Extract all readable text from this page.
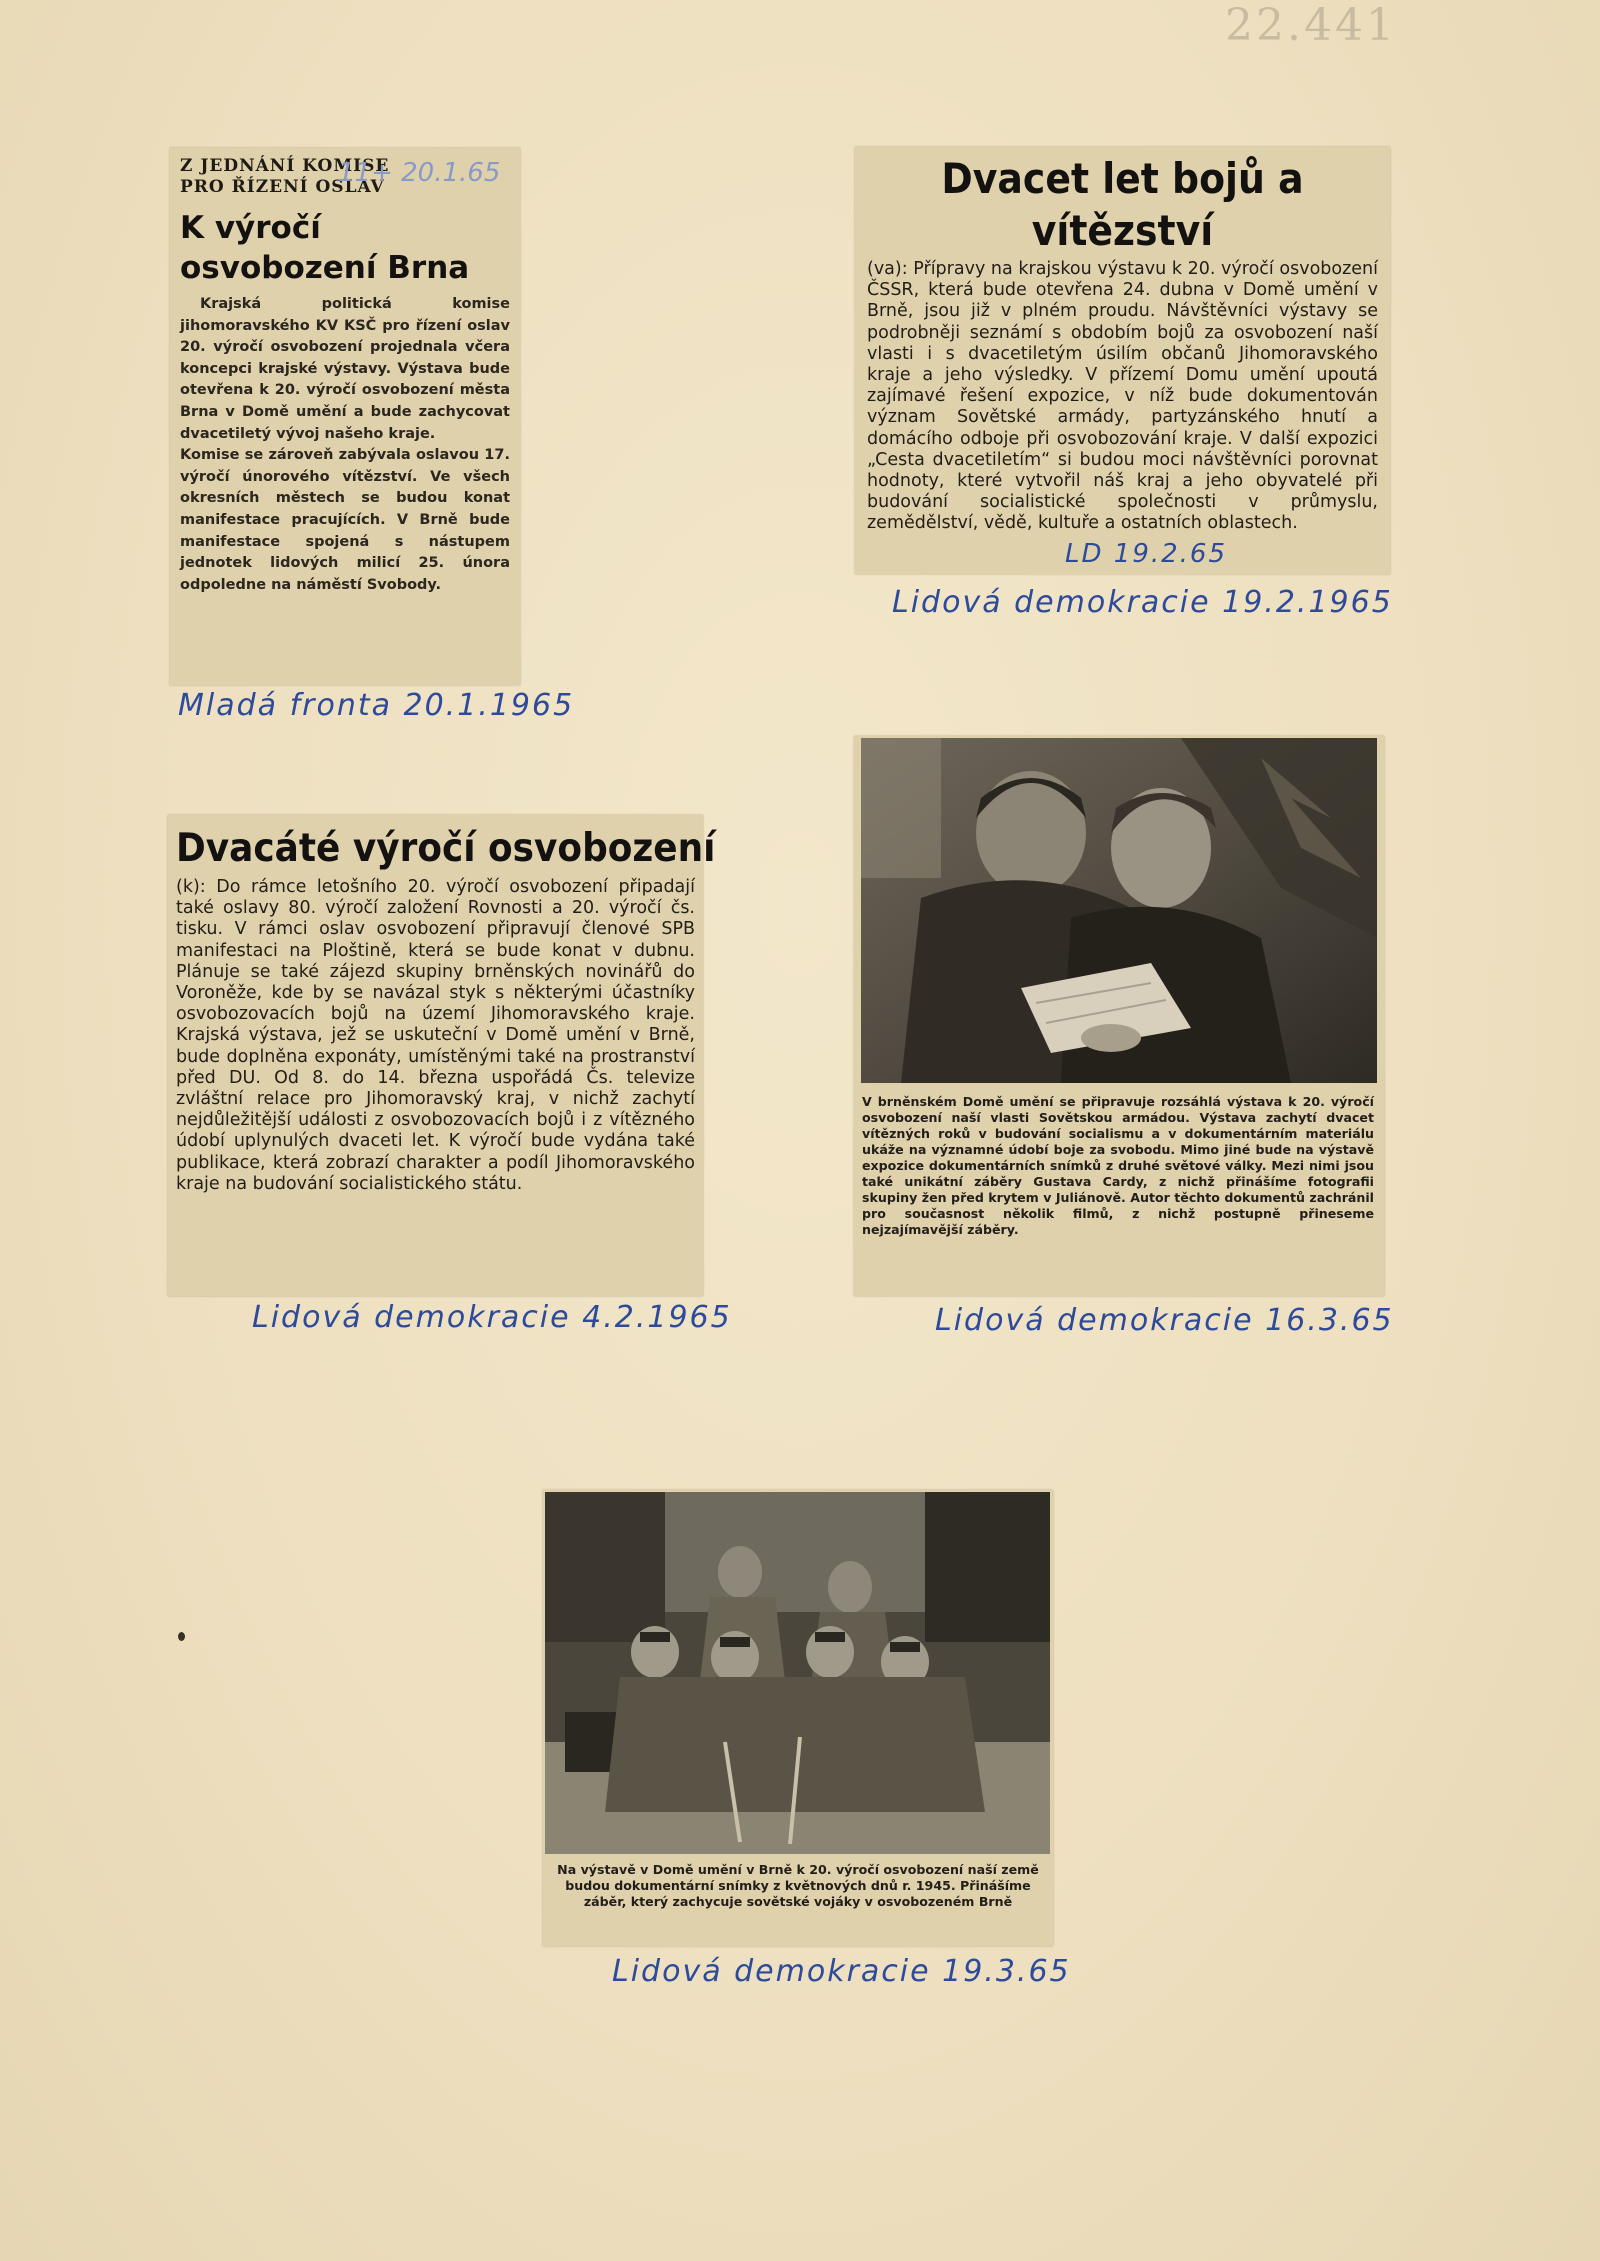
22.441
Z JEDNÁNÍ KOMISE
PRO ŘÍZENÍ OSLAV
11+ 20.1.65
K výročí osvobození Brna

Krajská politická komise jihomoravského KV KSČ pro řízení oslav 20. výročí osvobození projednala včera koncepci krajské výstavy. Výstava bude otevřena k 20. výročí osvobození města Brna v Domě umění a bude zachycovat dvacetiletý vývoj našeho kraje.
Komise se zároveň zabývala oslavou 17. výročí únorového vítězství. Ve všech okresních městech se budou konat manifestace pracujících. V Brně bude manifestace spojená s nástupem jednotek lidových milicí 25. února odpoledne na náměstí Svobody.

Mladá fronta 20.1.1965
Dvacet let bojů a vítězství

(va): Přípravy na krajskou výstavu k 20. výročí osvobození ČSSR, která bude otevřena 24. dubna v Domě umění v Brně, jsou již v plném proudu. Návštěvníci výstavy se podrobněji seznámí s obdobím bojů za osvobození naší vlasti i s dvacetiletým úsilím občanů Jihomoravského kraje a jeho výsledky. V přízemí Domu umění upoutá zajímavé řešení expozice, v níž bude dokumentován význam Sovětské armády, partyzánského hnutí a domácího odboje při osvobozování kraje. V další expozici „Cesta dvacetiletím“ si budou moci návštěvníci porovnat hodnoty, které vytvořil náš kraj a jeho obyvatelé při budování socialistické společnosti v průmyslu, zemědělství, vědě, kultuře a ostatních oblastech.

LD 19.2.65
Lidová demokracie 19.2.1965
Dvacáté výročí osvobození

(k): Do rámce letošního 20. výročí osvobození připadají také oslavy 80. výročí založení Rovnosti a 20. výročí čs. tisku. V rámci oslav osvobození připravují členové SPB manifestaci na Ploštině, která se bude konat v dubnu. Plánuje se také zájezd skupiny brněnských novinářů do Voroněže, kde by se navázal styk s některými účastníky osvobozovacích bojů na území Jihomoravského kraje. Krajská výstava, jež se uskuteční v Domě umění v Brně, bude doplněna exponáty, umístěnými také na prostranství před DU. Od 8. do 14. března uspořádá Čs. televize zvláštní relace pro Jihomoravský kraj, v nichž zachytí nejdůležitější události z osvobozovacích bojů i z vítězného údobí uplynulých dvaceti let. K výročí bude vydána také publikace, která zobrazí charakter a podíl Jihomoravského kraje na budování socialistického státu.

Lidová demokracie 4.2.1965

V brněnském Domě umění se připravuje rozsáhlá výstava k 20. výročí osvobození naší vlasti Sovětskou armádou. Výstava zachytí dvacet vítězných roků v budování socialismu a v dokumentárním materiálu ukáže na významné údobí boje za svobodu. Mimo jiné bude na výstavě expozice dokumentárních snímků z druhé světové války. Mezi nimi jsou také unikátní záběry Gustava Cardy, z nichž přinášíme fotografii skupiny žen před krytem v Juliánově. Autor těchto dokumentů zachránil pro současnost několik filmů, z nichž postupně přineseme nejzajímavější záběry.

Lidová demokracie 16.3.65

Na výstavě v Domě umění v Brně k 20. výročí osvobození naší země budou dokumentární snímky z květnových dnů r. 1945. Přinášíme záběr, který zachycuje sovětské vojáky v osvobozeném Brně

Lidová demokracie 19.3.65
